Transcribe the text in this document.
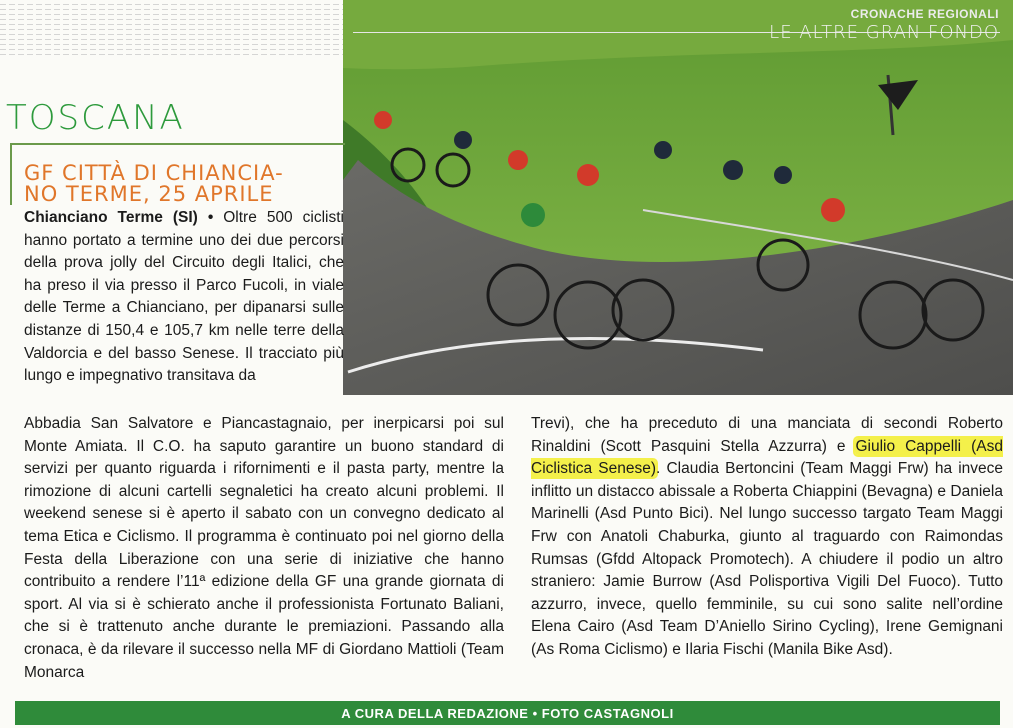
CRONACHE REGIONALI

LE ALTRE GRAN FONDO

TOSCANA
GF CITTÀ DI CHIANCIA-
NO TERME, 25 APRILE
Chianciano Terme (SI) • Oltre 500 ciclisti hanno portato a termine uno dei due percorsi della prova jolly del Circuito degli Italici, che ha preso il via presso il Parco Fucoli, in viale delle Terme a Chianciano, per dipanarsi sulle distanze di 150,4 e 105,7 km nelle terre della Valdorcia e del basso Senese. Il tracciato più lungo e impegnativo transitava da
Abbadia San Salvatore e Piancastagnaio, per inerpicarsi poi sul Monte Amiata. Il C.O. ha saputo garantire un buono standard di servizi per quanto riguarda i rifornimenti e il pasta party, mentre la rimozione di alcuni cartelli segnaletici ha creato alcuni problemi. Il weekend senese si è aperto il sabato con un convegno dedicato al tema Etica e Ciclismo. Il programma è continuato poi nel giorno della Festa della Liberazione con una serie di iniziative che hanno contribuito a rendere l’11ª edizione della GF una grande giornata di sport. Al via si è schierato anche il professionista Fortunato Baliani, che si è trattenuto anche durante le premiazioni. Passando alla cronaca, è da rilevare il successo nella MF di Giordano Mattioli (Team Monarca
Trevi), che ha preceduto di una manciata di secondi Roberto Rinaldini (Scott Pasquini Stella Azzurra) e Giulio Cappelli (Asd Ciclistica Senese). Claudia Bertoncini (Team Maggi Frw) ha invece inflitto un distacco abissale a Roberta Chiappini (Bevagna) e Daniela Marinelli (Asd Punto Bici). Nel lungo successo targato Team Maggi Frw con Anatoli Chaburka, giunto al traguardo con Raimondas Rumsas (Gfdd Altopack Promotech). A chiudere il podio un altro straniero: Jamie Burrow (Asd Polisportiva Vigili Del Fuoco). Tutto azzurro, invece, quello femminile, su cui sono salite nell’ordine Elena Cairo (Asd Team D’Aniello Sirino Cycling), Irene Gemignani (As Roma Ciclismo) e Ilaria Fischi (Manila Bike Asd).
A CURA DELLA REDAZIONE • FOTO CASTAGNOLI
